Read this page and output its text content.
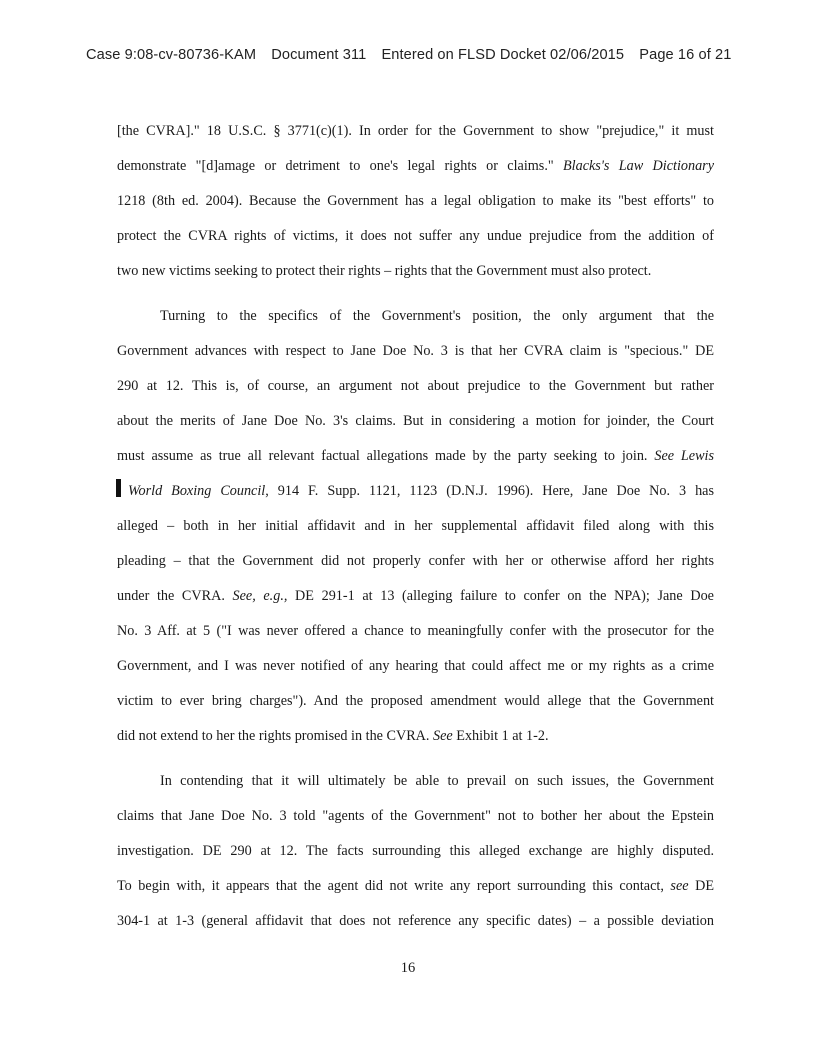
Case 9:08-cv-80736-KAM Document 311 Entered on FLSD Docket 02/06/2015 Page 16 of 21
[the CVRA]." 18 U.S.C. § 3771(c)(1). In order for the Government to show "prejudice," it must
demonstrate "[d]amage or detriment to one's legal rights or claims." Blacks's Law Dictionary
1218 (8th ed. 2004). Because the Government has a legal obligation to make its "best efforts" to
protect the CVRA rights of victims, it does not suffer any undue prejudice from the addition of
two new victims seeking to protect their rights – rights that the Government must also protect.
Turning to the specifics of the Government's position, the only argument that the
Government advances with respect to Jane Doe No. 3 is that her CVRA claim is "specious." DE
290 at 12. This is, of course, an argument not about prejudice to the Government but rather
about the merits of Jane Doe No. 3's claims. But in considering a motion for joinder, the Court
must assume as true all relevant factual allegations made by the party seeking to join. See Lewis
World Boxing Council, 914 F. Supp. 1121, 1123 (D.N.J. 1996). Here, Jane Doe No. 3 has
alleged – both in her initial affidavit and in her supplemental affidavit filed along with this
pleading – that the Government did not properly confer with her or otherwise afford her rights
under the CVRA. See, e.g., DE 291-1 at 13 (alleging failure to confer on the NPA); Jane Doe
No. 3 Aff. at 5 ("I was never offered a chance to meaningfully confer with the prosecutor for the
Government, and I was never notified of any hearing that could affect me or my rights as a crime
victim to ever bring charges"). And the proposed amendment would allege that the Government
did not extend to her the rights promised in the CVRA. See Exhibit 1 at 1-2.
In contending that it will ultimately be able to prevail on such issues, the Government
claims that Jane Doe No. 3 told "agents of the Government" not to bother her about the Epstein
investigation. DE 290 at 12. The facts surrounding this alleged exchange are highly disputed.
To begin with, it appears that the agent did not write any report surrounding this contact, see DE
304-1 at 1-3 (general affidavit that does not reference any specific dates) – a possible deviation
16
